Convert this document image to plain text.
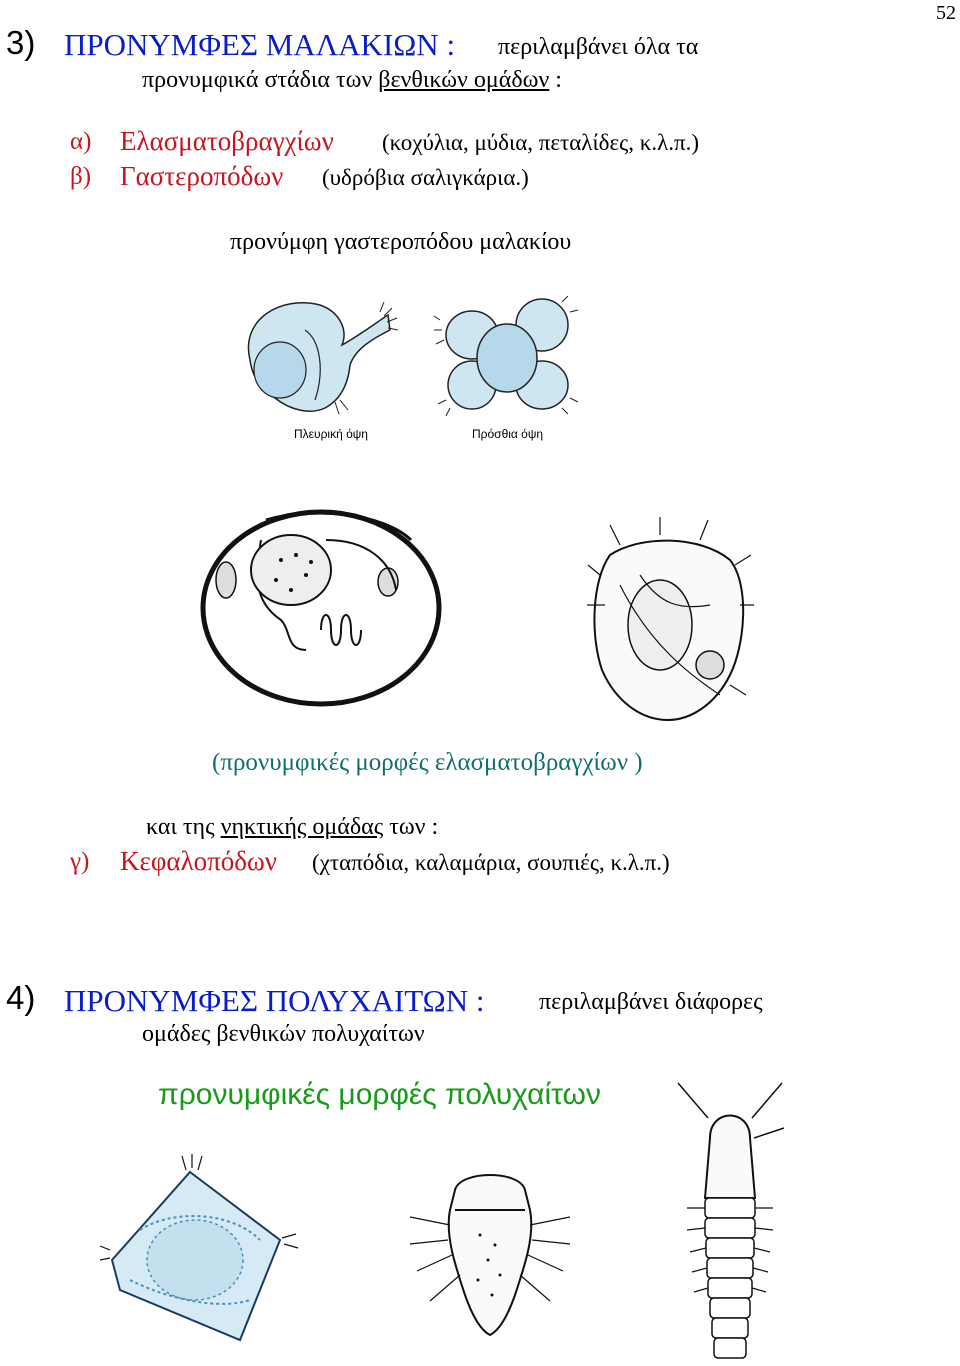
52
3) ΠΡΟΝΥΜΦΕΣ ΜΑΛΑΚΙΩΝ : περιλαμβάνει όλα τα
προνυμφικά στάδια των βενθικών ομάδων :
α) Ελασματοβραγχίων (κοχύλια, μύδια, πεταλίδες, κ.λ.π.)
β) Γαστεροπόδων (υδρόβια σαλιγκάρια.)
προνύμφη γαστεροπόδου μαλακίου
Πλευρική όψη	Πρόσθια όψη
(προνυμφικές μορφές ελασματοβραγχίων )
και της νηκτικής ομάδας των :
γ) Κεφαλοπόδων (χταπόδια, καλαμάρια, σουπιές, κ.λ.π.)
4) ΠΡΟΝΥΜΦΕΣ ΠΟΛΥΧΑΙΤΩΝ : περιλαμβάνει διάφορες
ομάδες βενθικών πολυχαίτων
προνυμφικές μορφές πολυχαίτων
